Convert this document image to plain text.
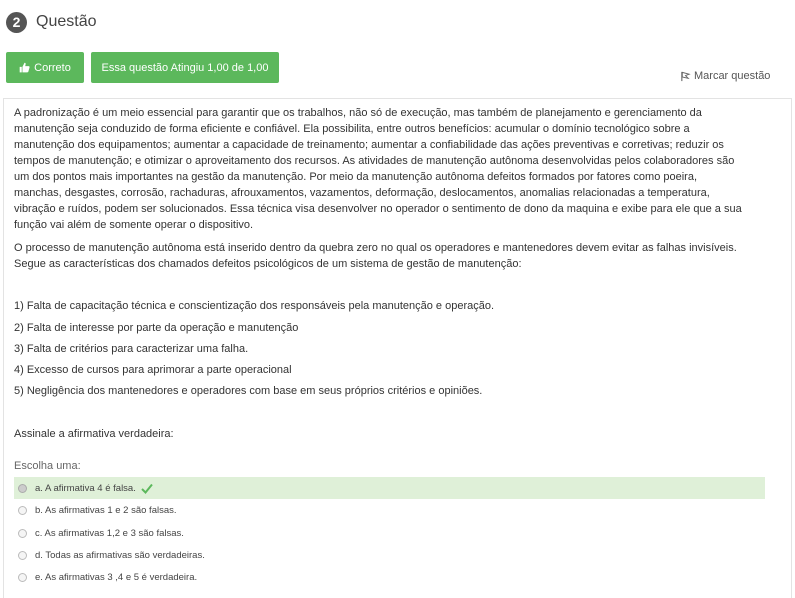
2 Questão
Correto	Essa questão Atingiu 1,00 de 1,00
Marcar questão

A padronização é um meio essencial para garantir que os trabalhos, não só de execução, mas também de planejamento e gerenciamento da
manutenção seja conduzido de forma eficiente e confiável. Ela possibilita, entre outros benefícios: acumular o domínio tecnológico sobre a
manutenção dos equipamentos; aumentar a capacidade de treinamento; aumentar a confiabilidade das ações preventivas e corretivas; reduzir os
tempos de manutenção; e otimizar o aproveitamento dos recursos. As atividades de manutenção autônoma desenvolvidas pelos colaboradores são
um dos pontos mais importantes na gestão da manutenção. Por meio da manutenção autônoma defeitos formados por fatores como poeira,
manchas, desgastes, corrosão, rachaduras, afrouxamentos, vazamentos, deformação, deslocamentos, anomalias relacionadas a temperatura,
vibração e ruídos, podem ser solucionados. Essa técnica visa desenvolver no operador o sentimento de dono da maquina e exibe para ele que a sua
função vai além de somente operar o dispositivo.

O processo de manutenção autônoma está inserido dentro da quebra zero no qual os operadores e mantenedores devem evitar as falhas invisíveis.
Segue as características dos chamados defeitos psicológicos de um sistema de gestão de manutenção:

1) Falta de capacitação técnica e conscientização dos responsáveis pela manutenção e operação.
2) Falta de interesse por parte da operação e manutenção
3) Falta de critérios para caracterizar uma falha.
4) Excesso de cursos para aprimorar a parte operacional
5) Negligência dos mantenedores e operadores com base em seus próprios critérios e opiniões.
Assinale a afirmativa verdadeira:
Escolha uma:
a. A afirmativa 4 é falsa.
b. As afirmativas 1 e 2 são falsas.
c. As afirmativas 1,2 e 3 são falsas.
d. Todas as afirmativas são verdadeiras.
e. As afirmativas 3 ,4 e 5 é verdadeira.
